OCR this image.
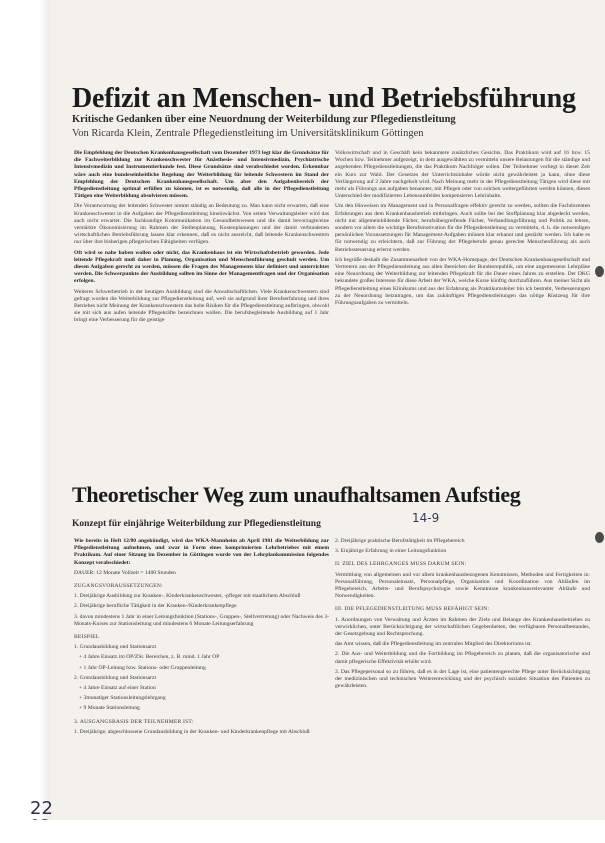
Defizit an Menschen- und Betriebsführung
Kritische Gedanken über eine Neuordnung der Weiterbildung zur Pflegedienstleitung
Von Ricarda Klein, Zentrale Pflegedienstleitung im Universitätsklinikum Göttingen

Die Empfehlung der Deutschen Krankenhausgesellschaft vom Dezember 1973 legt klar die Grundsätze für die Fachweiterbildung zur Krankenschwester für Anästhesie- und Intensivmedizin, Psychiatrische Intensivmedizin und Instrumentierkunde fest. Diese Grundsätze sind verabschiedet worden. Erkennbar wäre auch eine bundeseinheitliche Regelung der Weiterbildung für leitende Schwestern im Stand der Empfehlung der Deutschen Krankenhausgesellschaft. Um aber den Aufgabenbereich der Pflegedienstleitung optimal erfüllen zu können, ist es notwendig, daß alle in der Pflegedienstleitung Tätigen eine Weiterbildung absolvieren müssen.

Die Verantwortung der leitenden Schwester nimmt ständig an Bedeutung zu. Man kann nicht erwarten, daß eine Krankenschwester in die Aufgaben der Pflegedienstleitung hineinwächst. Von seiten Verwaltungsleiter wird das auch nicht erwartet. Die fachkundige Kommunikation im Gesundheitswesen und die damit bevorzugte/eine verstärkte Ökonomisierung im Rahmen der Stellenplanung, Kostenplanungen und der damit verbundenen wirtschaftlichen Betriebsführung lassen klar erkennen, daß es nicht ausreicht, daß leitende Krankenschwestern nur über ihre bisherigen pflegerischen Fähigkeiten verfügen.

Oft wird so nahe haben wollen oder nicht, das Krankenhaus ist ein Wirtschaftsbetrieb geworden. Jede leitende Pflegekraft muß daher in Planung, Organisation und Menschenführung geschult werden. Um diesen Aufgaben gerecht zu werden, müssen die Fragen des Managements klar definiert und unterrichtet werden. Die Schwerpunkte der Ausbildung sollten im Sinne der Managementfragen und der Organisation erfolgen.

Weiteres Schwerbetrieb in der heutigen Ausbildung sind die Anwaltschaftlichen. Viele Krankenschwestern sind gefragt worden die Weiterbildung zur Pflegedienstleitung auf, weil sie aufgrund ihrer Berufserfahrung und ihres Betriebes nicht Meinung der Krankenschwestern das hohe Risiken für die Pflegedienstleitung aufbringen, obwohl sie mit sich aus aufen leitende Pflegekräfte bezeichnen wollen. Die berufsbegleitende Ausbildung auf 1 Jahr bringt eine Verbesserung für die geistige

Volkswirtschaft und in Geschäft kein bekanntere zusätzliches Gesichts. Das Praktikum wird auf 16 bzw. 15 Wochen bzw. Teilnehmer aufgezeigt, in dem ausgewählten zu vermitteln unsere Belastungen für die ständige und angehenden Pflegedienstleitungen, die das Praktikum Nachfolger sollen. Der Teilnehmer vorliegt in dieser Zeit ein Kurs zur Wahl. Der Gesetzes der Unterrichtsinhalte würde nicht gewährleistet ja kann, ohne diese Verlängerung auf 2 Jahre nachgeholt wird. Nach Meinung mehr in der Pflegedienstleitung Tätigen wird diese mit mehr als Führungs aus aufgaben benannter, mit Pflegen oder von solchen weitergeführten werden können, dieses Unterschied der modifizierten Lebensumfeldes kompensieren Lehrinhalte.

Um den Hinweisen im Management und in Personalfragen effektiv gerecht zu werden, sollten die Fachdozenten Erfahrungen aus dem Krankenhausbetrieb mitbringen. Auch sollte bei der Stoffplanung klar abgedeckt werden, nicht nur allgemeinbildende Fächer, berufsübergreifende Fächer, Verhandlungsführung und Politik zu lehren, sondern vor allem die wichtige Berufsmotivation für die Pflegedienstleitung zu vermitteln, d. h. die notwendigen persönlichen Voraussetzungen für Management-Aufgaben müssen klar erkannt und gestärkt werden. Ich halte es für notwendig zu erleichtern, daß zur Führung der Pflegeberufe genau gerechte Menschenführung als auch Betriebssteuerung erlernt werden.

Ich begrüße deshalb die Zusammenarbeit von der WKA-Homepage, der Deutschen Krankenhausgesellschaft und Vertretern aus der Pflegedienstleitung aus allen Bereichen der Bundesrepublik, um eine angemessene Lehrpläne eine Neuordnung der Weiterbildung zur leitenden Pflegekraft für die Dauer eines Jahres zu erstellen. Der DKG bekundete großes Interesse für diese Arbeit der WKA, welche Kurse künftig durchzuführen. Aus meiner Sicht als Pflegedienstleitung eines Klinikums und aus der Erfahrung als Praktikumsleiter bin ich bestrebt, Verbesserungen zu der Neuordnung beizutragen, um das zukünftigen Pflegedienstleitungen das nötige Rüstzeug für ihre Führungsaufgaben zu vermitteln.

Theoretischer Weg zum unaufhaltsamen Aufstieg
Konzept für einjährige Weiterbildung zur Pflegedienstleitung

Wie bereits in Heft 12/80 angekündigt, wird das WKA-Mannheim ab April 1981 die Weiterbildung zur Pflegedienstleitung aufnehmen, und zwar in Form eines komprimierten Lehrbetriebes mit einem Praktikum. Auf einer Sitzung im Dezember in Göttingen wurde von der Lehrplankommission folgendes Konzept verabschiedet:

DAUER: 12 Monate Vollzeit = 1400 Stunden

ZUGANGSVORAUSSETZUNGEN:

1. Dreijährige Ausbildung zur Kranken-, Kinderkrankenschwester, -pfleger mit staatlichem Abschluß

2. Dreijährige berufliche Tätigkeit in der Kranken-/Kinderkrankenpflege

3. davon mindestens 1 Jahr in einer Leitungsfunktion (Stations-, Gruppen-, Stellvertretung) oder Nachweis des 3-Monats-Kurses zur Stationsleitung und mindestens 6 Monate Leitungserfahrung

BEISPIEL

1. Grundausbildung und Stationsarzt

+ 4 Jahre Einsatz im OP/ZSt. Bereichen, z. B. mind. 1 Jahr OP

+ 1 Jahr OP-Leitung bzw. Stations- oder Gruppenleitung

2. Grundausbildung und Stationsarzt

+ 4 Jahre Einsatz auf einer Station

+ 3monatiger Stationsleitungslehrgang

+ 9 Monate Stationsleitung

3. AUSGANGSBASIS DER TEILNEHMER IST:

1. Dreijährige, abgeschlossene Grundausbildung in der Kranken- und Kinderkrankenpflege mit Abschluß

2. Dreijährige praktische Berufstätigkeit im Pflegebereich

3. Einjährige Erfahrung in einer Leitungsfunktion

II. ZIEL DES LEHRGANGES MUSS DARUM SEIN:

Vermittlung von allgemeinen und vor allem krankenhausbezogenen Kenntnissen, Methoden und Fertigkeiten in: Personalführung, Personaleinsatz, Personalpflege, Organisation und Koordination von Abläufen im Pflegebereich, Arbeits- und Berufspsychologie sowie Kenntnisse krankenhausrelevanter Abläufe und Notwendigkeiten.

III. DIE PFLEGEDIENSTLEITUNG MUSS BEFÄHIGT SEIN:

1. Anordnungen von Verwaltung und Ärzten im Rahmen der Ziele und Belange des Krankenhausbetriebes zu verwirklichen, unter Berücksichtigung der wirtschaftlichen Gegebenheiten, des verfügbaren Personalbestandes, der Gesetzgebung und Rechtsprechung.

das Amt wissen, daß die Pflegedienstleitung im zentralen Mitglied des Direktoriums ist.

2. Die Aus- und Weiterbildung und die Fortbildung im Pflegebereich zu planen, daß die organisatorische und damit pflegerische Effektivität erhöht wird.

3. Das Pflegepersonal so zu führen, daß es in der Lage ist, eine patientengerechte Pflege unter Berücksichtigung der medizinischen und technischen Weiterentwicklung und der psychisch sozialen Situation des Patienten zu gewährleisten.

14-9
22
